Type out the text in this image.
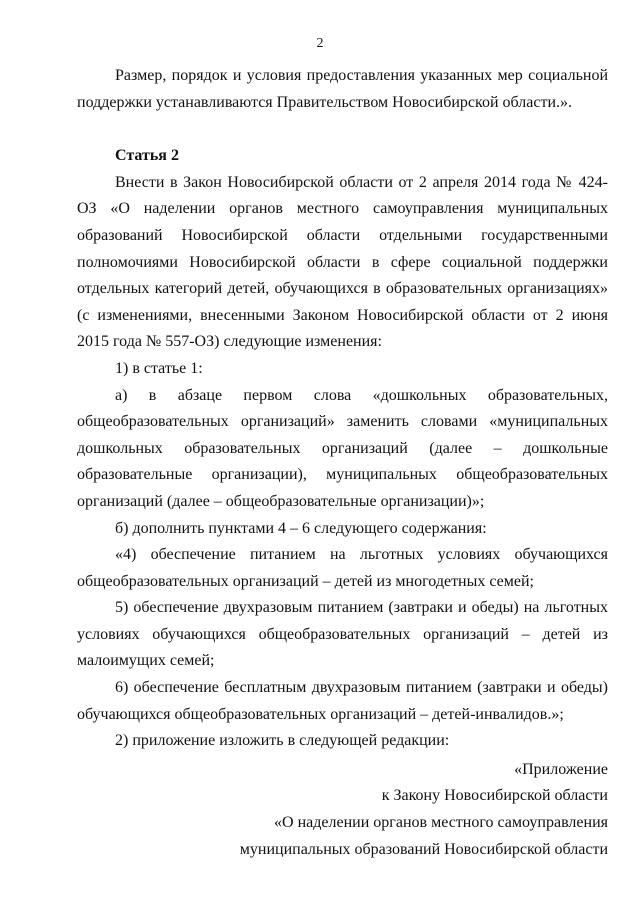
2

Размер, порядок и условия предоставления указанных мер социальной поддержки устанавливаются Правительством Новосибирской области.».

Статья 2

Внести в Закон Новосибирской области от 2 апреля 2014 года № 424-ОЗ «О наделении органов местного самоуправления муниципальных образований Новосибирской области отдельными государственными полномочиями Новосибирской области в сфере социальной поддержки отдельных категорий детей, обучающихся в образовательных организациях» (с изменениями, внесенными Законом Новосибирской области от 2 июня 2015 года № 557-ОЗ) следующие изменения:

1) в статье 1:

а) в абзаце первом слова «дошкольных образовательных, общеобразовательных организаций» заменить словами «муниципальных дошкольных образовательных организаций (далее – дошкольные образовательные организации), муниципальных общеобразовательных организаций (далее – общеобразовательные организации)»;

б) дополнить пунктами 4 – 6 следующего содержания:

«4) обеспечение питанием на льготных условиях обучающихся общеобразовательных организаций – детей из многодетных семей;

5) обеспечение двухразовым питанием (завтраки и обеды) на льготных условиях обучающихся общеобразовательных организаций – детей из малоимущих семей;

6) обеспечение бесплатным двухразовым питанием (завтраки и обеды) обучающихся общеобразовательных организаций – детей-инвалидов.»;

2) приложение изложить в следующей редакции:

«Приложение

к Закону Новосибирской области

«О наделении органов местного самоуправления

муниципальных образований Новосибирской области
